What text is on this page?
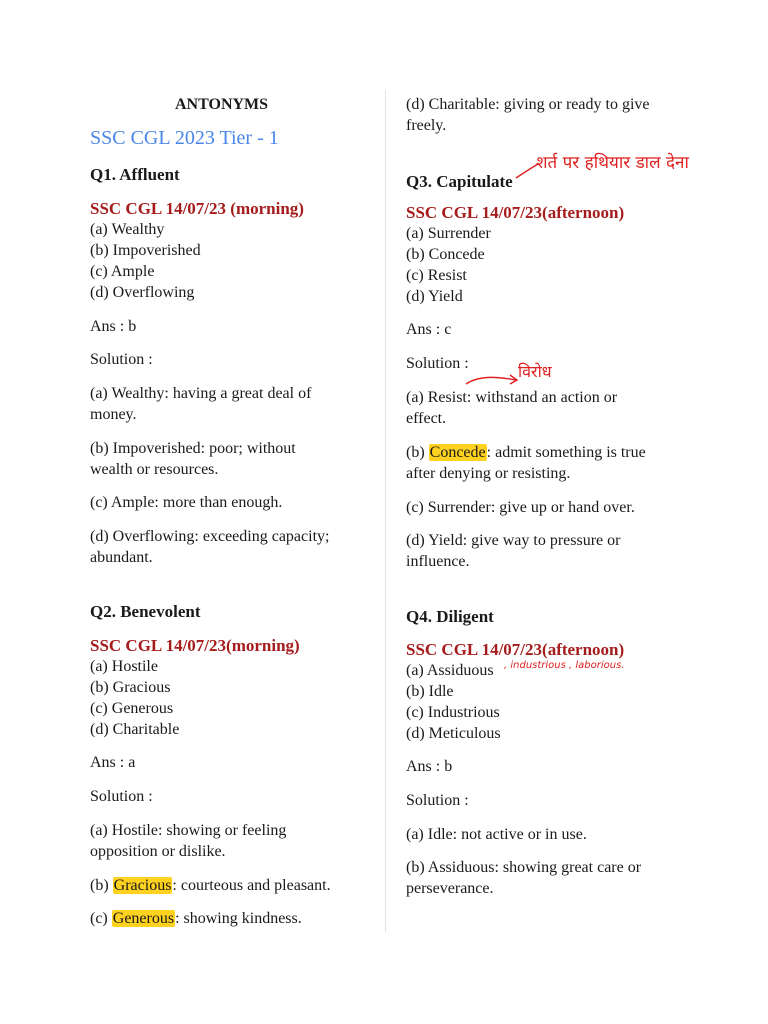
ANTONYMS
SSC CGL 2023 Tier - 1
Q1. Affluent
SSC CGL 14/07/23 (morning)
(a) Wealthy
(b) Impoverished
(c) Ample
(d) Overflowing
Ans : b
Solution :
(a) Wealthy: having a great deal of
money.
(b) Impoverished: poor; without
wealth or resources.
(c) Ample: more than enough.
(d) Overflowing: exceeding capacity;
abundant.
Q2. Benevolent
SSC CGL 14/07/23(morning)
(a) Hostile
(b) Gracious
(c) Generous
(d) Charitable
Ans : a
Solution :
(a) Hostile: showing or feeling
opposition or dislike.
(b) Gracious: courteous and pleasant.
(c) Generous: showing kindness.
(d) Charitable: giving or ready to give
freely.
Q3. Capitulate
शर्त पर हथियार डाल देना
SSC CGL 14/07/23(afternoon)
(a) Surrender
(b) Concede
(c) Resist
(d) Yield
Ans : c
Solution :	विरोध
(a) Resist: withstand an action or
effect.
(b) Concede: admit something is true
after denying or resisting.
(c) Surrender: give up or hand over.
(d) Yield: give way to pressure or
influence.
Q4. Diligent
SSC CGL 14/07/23(afternoon)
(a) Assiduous , industrious , laborious.
(b) Idle
(c) Industrious
(d) Meticulous
Ans : b
Solution :
(a) Idle: not active or in use.
(b) Assiduous: showing great care or
perseverance.
